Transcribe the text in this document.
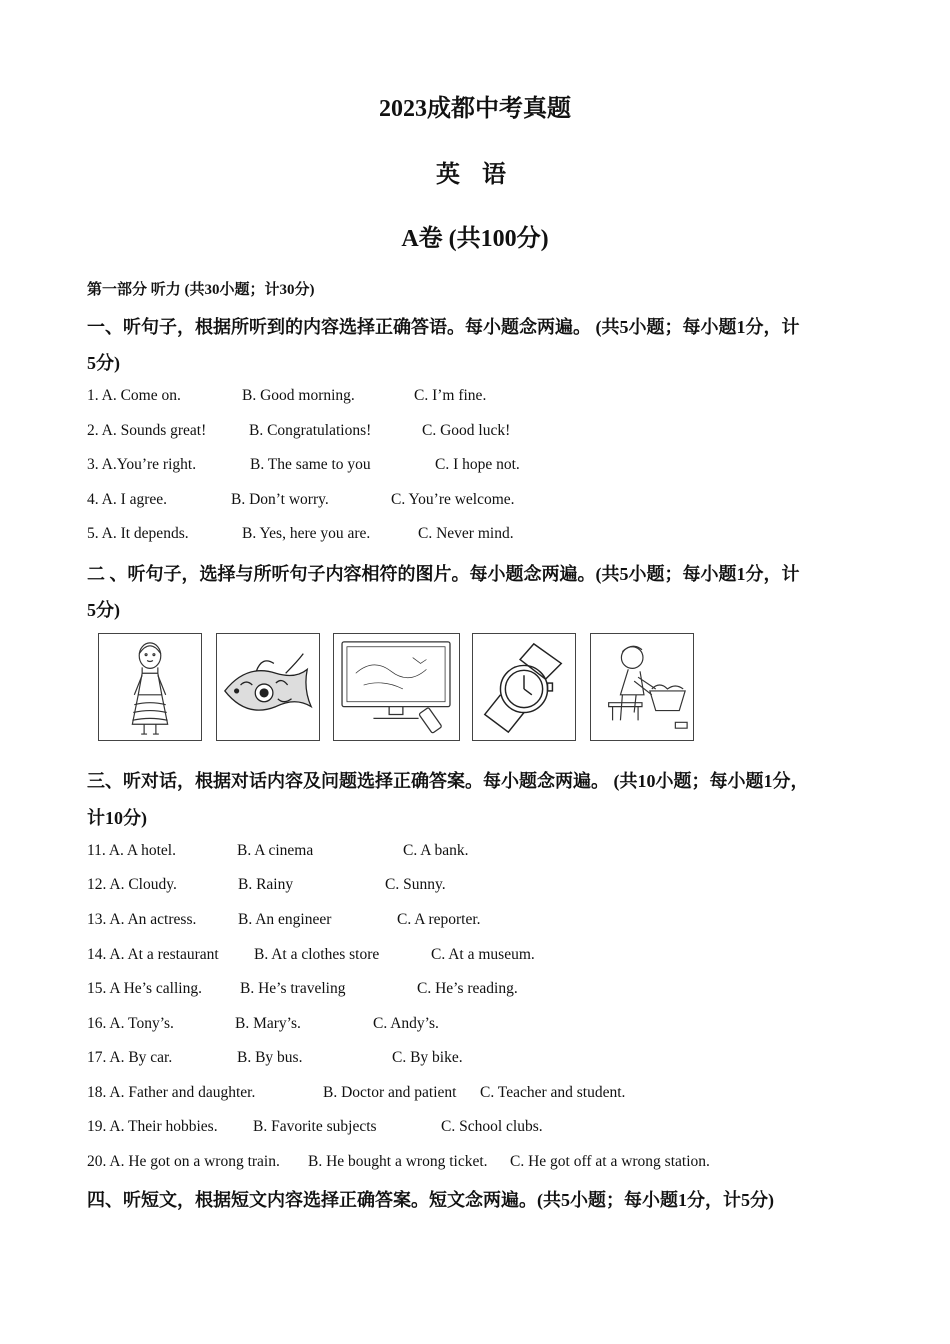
2023成都中考真题
英 语
A卷 (共100分)
第一部分 听力 (共30小题；计30分)
一、听句子，根据所听到的内容选择正确答语。每小题念两遍。 (共5小题；每小题1分，计
5分)
1. A. Come on.	B. Good morning.	C. I’m fine.
2. A. Sounds great!	B. Congratulations!	C. Good luck!
3. A.You’re right.	B. The same to you	C. I hope not.
4. A. I agree.	B. Don’t worry.	C. You’re welcome.
5. A. It depends.	B. Yes, here you are.	C. Never mind.
二 、听句子，选择与所听句子内容相符的图片。每小题念两遍。(共5小题；每小题1分，计
5分)
三、听对话，根据对话内容及问题选择正确答案。每小题念两遍。 (共10小题；每小题1分，
计10分)
11. A. A hotel.	B. A cinema	C. A bank.
12. A. Cloudy.	B. Rainy	C. Sunny.
13. A. An actress.	B. An engineer	C. A reporter.
14. A. At a restaurant B. At a clothes store	C. At a museum.
15. A He’s calling. B. He’s traveling	C. He’s reading.
16. A. Tony’s.	B. Mary’s.	C. Andy’s.
17. A. By car.	B. By bus.	C. By bike.
18. A. Father and daughter.	B. Doctor and patient C. Teacher and student.
19. A. Their hobbies. B. Favorite subjects	C. School clubs.
20. A. He got on a wrong train. B. He bought a wrong ticket. C. He got off at a wrong station.
四、听短文，根据短文内容选择正确答案。短文念两遍。(共5小题；每小题1分，计5分)
